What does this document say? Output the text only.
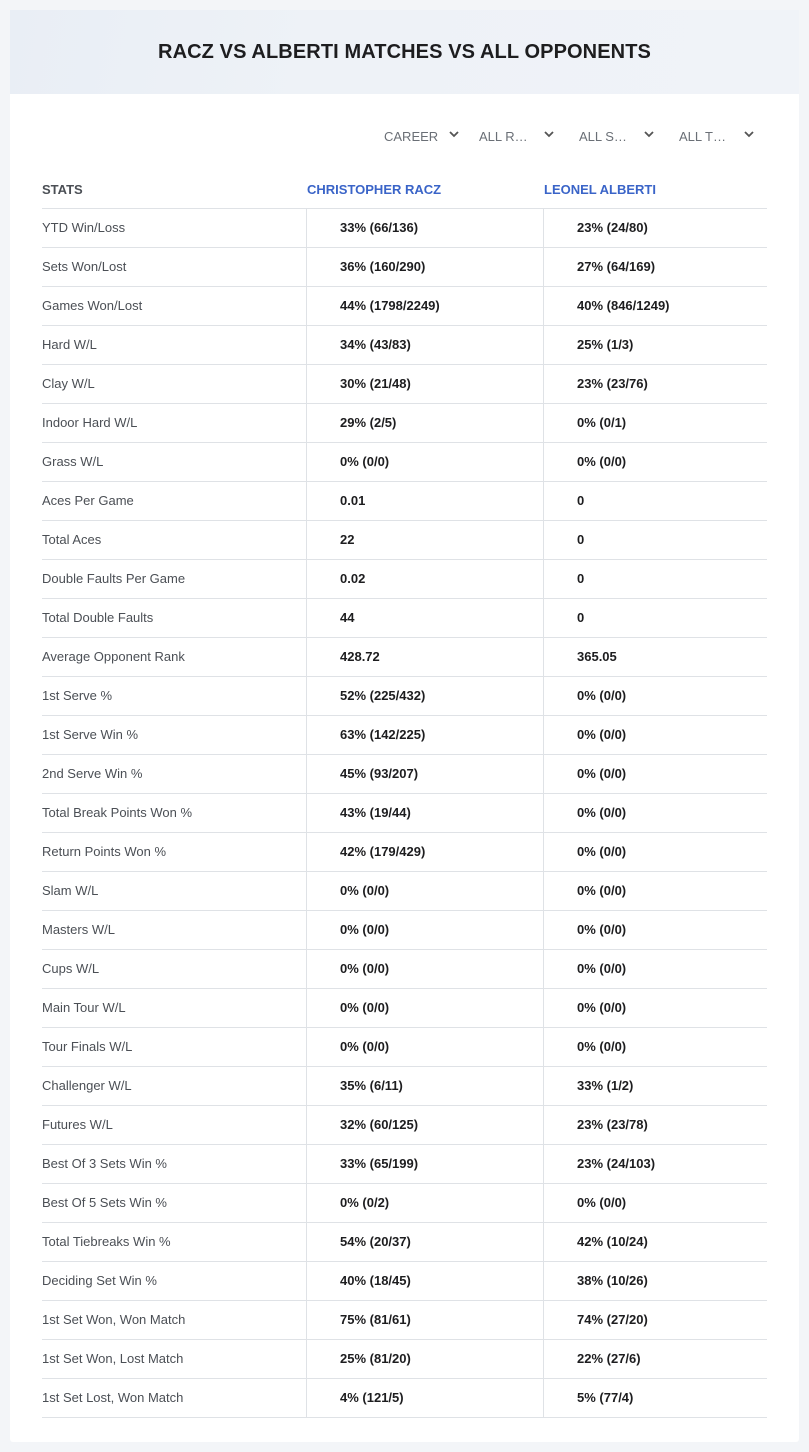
RACZ VS ALBERTI MATCHES VS ALL OPPONENTS
CAREER	ALL R…	ALL S…	ALL T…
STATS	CHRISTOPHER RACZ	LEONEL ALBERTI
YTD Win/Loss	33% (66/136)	23% (24/80)
Sets Won/Lost	36% (160/290)	27% (64/169)
Games Won/Lost	44% (1798/2249)	40% (846/1249)
Hard W/L	34% (43/83)	25% (1/3)
Clay W/L	30% (21/48)	23% (23/76)
Indoor Hard W/L	29% (2/5)	0% (0/1)
Grass W/L	0% (0/0)	0% (0/0)
Aces Per Game	0.01	0
Total Aces	22	0
Double Faults Per Game	0.02	0
Total Double Faults	44	0
Average Opponent Rank	428.72	365.05
1st Serve %	52% (225/432)	0% (0/0)
1st Serve Win %	63% (142/225)	0% (0/0)
2nd Serve Win %	45% (93/207)	0% (0/0)
Total Break Points Won %	43% (19/44)	0% (0/0)
Return Points Won %	42% (179/429)	0% (0/0)
Slam W/L	0% (0/0)	0% (0/0)
Masters W/L	0% (0/0)	0% (0/0)
Cups W/L	0% (0/0)	0% (0/0)
Main Tour W/L	0% (0/0)	0% (0/0)
Tour Finals W/L	0% (0/0)	0% (0/0)
Challenger W/L	35% (6/11)	33% (1/2)
Futures W/L	32% (60/125)	23% (23/78)
Best Of 3 Sets Win %	33% (65/199)	23% (24/103)
Best Of 5 Sets Win %	0% (0/2)	0% (0/0)
Total Tiebreaks Win %	54% (20/37)	42% (10/24)
Deciding Set Win %	40% (18/45)	38% (10/26)
1st Set Won, Won Match	75% (81/61)	74% (27/20)
1st Set Won, Lost Match	25% (81/20)	22% (27/6)
1st Set Lost, Won Match	4% (121/5)	5% (77/4)
